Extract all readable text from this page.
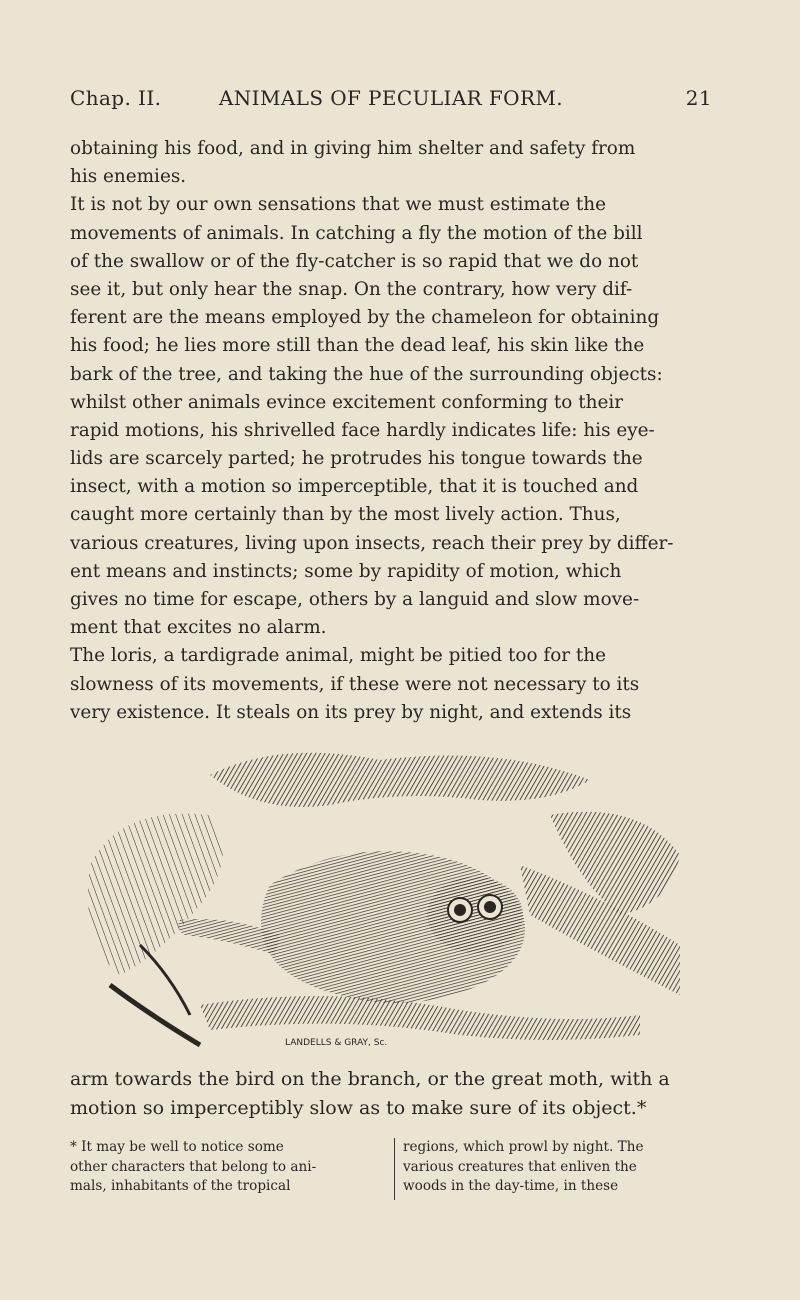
Chap. II.	ANIMALS OF PECULIAR FORM.	21
obtaining his food, and in giving him shelter and safety from
his enemies.
It is not by our own sensations that we must estimate the
movements of animals. In catching a fly the motion of the bill
of the swallow or of the fly-catcher is so rapid that we do not
see it, but only hear the snap. On the contrary, how very dif-
ferent are the means employed by the chameleon for obtaining
his food; he lies more still than the dead leaf, his skin like the
bark of the tree, and taking the hue of the surrounding objects:
whilst other animals evince excitement conforming to their
rapid motions, his shrivelled face hardly indicates life: his eye-
lids are scarcely parted; he protrudes his tongue towards the
insect, with a motion so imperceptible, that it is touched and
caught more certainly than by the most lively action. Thus,
various creatures, living upon insects, reach their prey by differ-
ent means and instincts; some by rapidity of motion, which
gives no time for escape, others by a languid and slow move-
ment that excites no alarm.
The loris, a tardigrade animal, might be pitied too for the
slowness of its movements, if these were not necessary to its
very existence. It steals on its prey by night, and extends its
LANDELLS & GRAY, Sc.
arm towards the bird on the branch, or the great moth, with a
motion so imperceptibly slow as to make sure of its object.*
* It may be well to notice some
other characters that belong to ani-
mals, inhabitants of the tropical
regions, which prowl by night. The
various creatures that enliven the
woods in the day-time, in these
